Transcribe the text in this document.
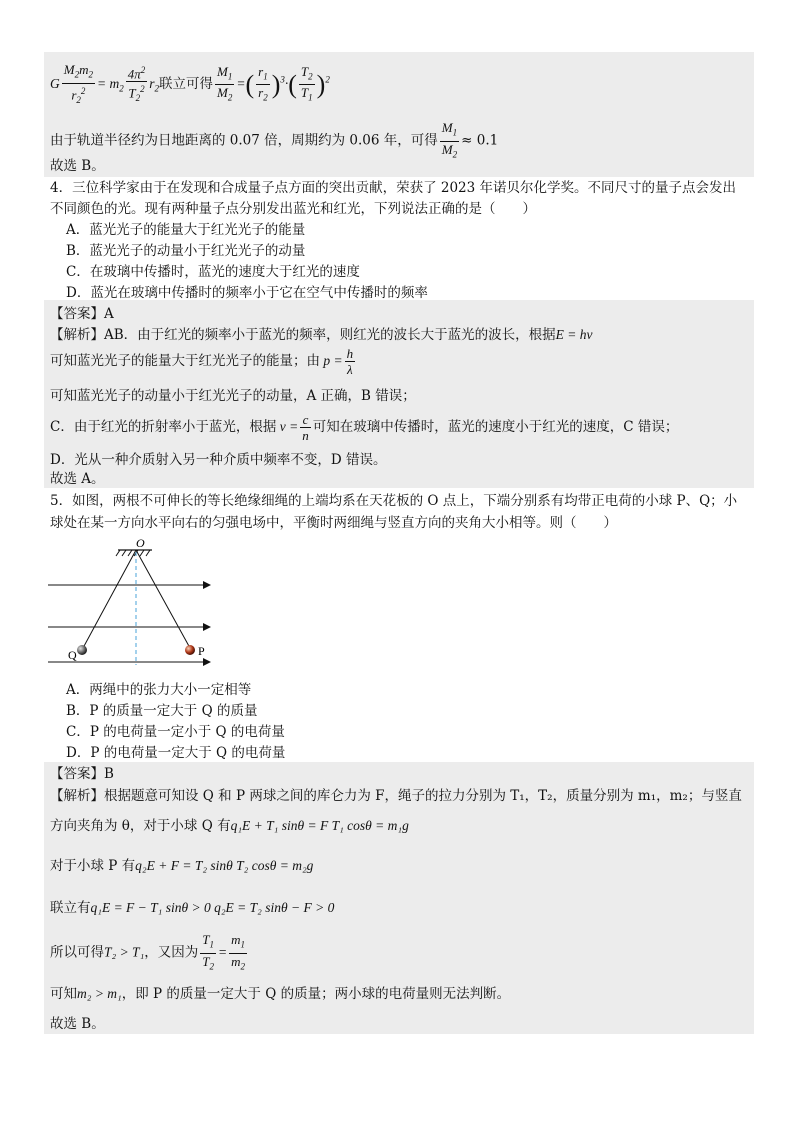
G $\frac{M_2m_2}{r_2^2} = m_2 \frac{4\pi^2}{T_2^2} r_2$联立可得 $\frac{M_1}{M_2}$ =( $\frac{r_1}{r_2} )^3\cdot( \frac{T_2}{T_1} )^2$
由于轨道半径约为日地距离的 0.07 倍，周期约为 0.06 年，可得 $\frac{M_1}{M_2} \approx 0.1$
故选 B。
4．三位科学家由于在发现和合成量子点方面的突出贡献，荣获了 2023 年诺贝尔化学奖。不同尺寸的量子点会发出
不同颜色的光。现有两种量子点分别发出蓝光和红光，下列说法正确的是（　　）
A．蓝光光子的能量大于红光光子的能量
B．蓝光光子的动量小于红光光子的动量
C．在玻璃中传播时，蓝光的速度大于红光的速度
D．蓝光在玻璃中传播时的频率小于它在空气中传播时的频率
【答案】A
【解析】AB．由于红光的频率小于蓝光的频率，则红光的波长大于蓝光的波长，根据E = hν
可知蓝光光子的能量大于红光光子的能量；由 $p = \frac{h}{\lambda}$
可知蓝光光子的动量小于红光光子的动量，A 正确，B 错误；
C．由于红光的折射率小于蓝光，根据 $v = \frac{c}{n}$ 可知在玻璃中传播时，蓝光的速度小于红光的速度，C 错误；
D．光从一种介质射入另一种介质中频率不变，D 错误。
故选 A。
5．如图，两根不可伸长的等长绝缘细绳的上端均系在天花板的 O 点上，下端分别系有均带正电荷的小球 P、Q；小
球处在某一方向水平向右的匀强电场中，平衡时两细绳与竖直方向的夹角大小相等。则（　　）
O
Q	P
A．两绳中的张力大小一定相等
B．P 的质量一定大于 Q 的质量
C．P 的电荷量一定小于 Q 的电荷量
D．P 的电荷量一定大于 Q 的电荷量
【答案】B
【解析】根据题意可知设 Q 和 P 两球之间的库仑力为 F，绳子的拉力分别为 T₁，T₂，质量分别为 m₁，m₂；与竖直
方向夹角为 θ，对于小球 Q 有q₁E + T₁ sinθ = F T₁ cosθ = m₁g
对于小球 P 有q₂E + F = T₂ sinθ T₂ cosθ = m₂g
联立有q₁E = F − T₁ sinθ > 0 q₂E = T₂ sinθ − F > 0
所以可得T₂ > T₁，又因为 $\frac{T_1}{T_2} = \frac{m_1}{m_2}$
可知m₂ > m₁，即 P 的质量一定大于 Q 的质量；两小球的电荷量则无法判断。
故选 B。
